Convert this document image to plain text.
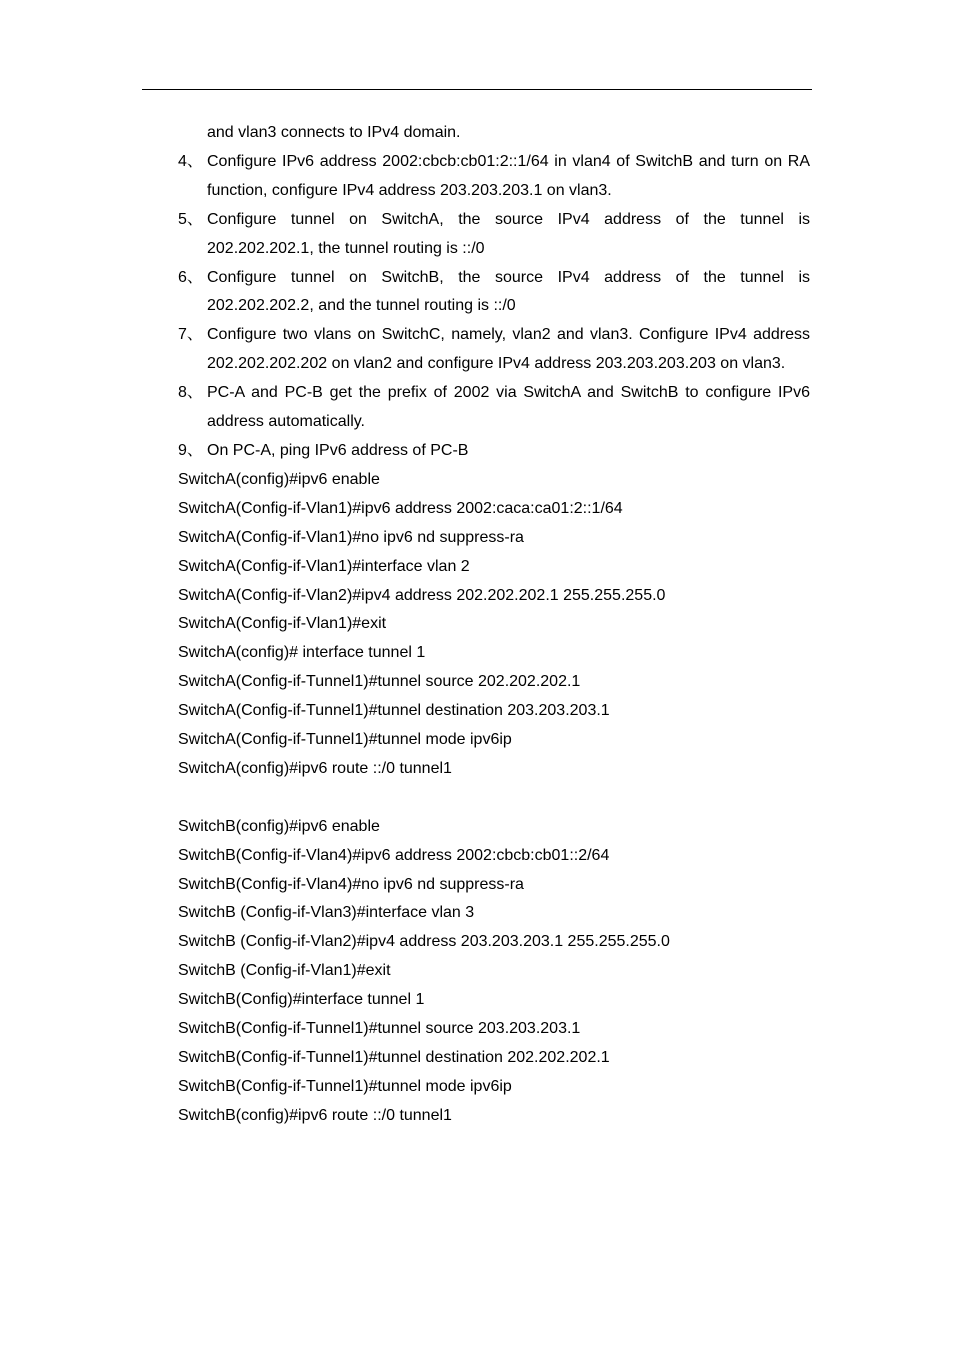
and vlan3 connects to IPv4 domain.

4、 Configure IPv6 address 2002:cbcb:cb01:2::1/64 in vlan4 of SwitchB and turn on RA function, configure IPv4 address 203.203.203.1 on vlan3.
5、 Configure tunnel on SwitchA, the source IPv4 address of the tunnel is 202.202.202.1, the tunnel routing is ::/0
6、 Configure tunnel on SwitchB, the source IPv4 address of the tunnel is 202.202.202.2, and the tunnel routing is ::/0
7、 Configure two vlans on SwitchC, namely, vlan2 and vlan3. Configure IPv4 address 202.202.202.202 on vlan2 and configure IPv4 address 203.203.203.203 on vlan3.
8、 PC-A and PC-B get the prefix of 2002 via SwitchA and SwitchB to configure IPv6 address automatically.
9、 On PC-A, ping IPv6 address of PC-B

SwitchA(config)#ipv6 enable

SwitchA(Config-if-Vlan1)#ipv6 address 2002:caca:ca01:2::1/64

SwitchA(Config-if-Vlan1)#no ipv6 nd suppress-ra

SwitchA(Config-if-Vlan1)#interface vlan 2

SwitchA(Config-if-Vlan2)#ipv4 address 202.202.202.1 255.255.255.0

SwitchA(Config-if-Vlan1)#exit

SwitchA(config)# interface tunnel 1

SwitchA(Config-if-Tunnel1)#tunnel source 202.202.202.1

SwitchA(Config-if-Tunnel1)#tunnel destination 203.203.203.1

SwitchA(Config-if-Tunnel1)#tunnel mode ipv6ip

SwitchA(config)#ipv6 route ::/0 tunnel1

SwitchB(config)#ipv6 enable

SwitchB(Config-if-Vlan4)#ipv6 address 2002:cbcb:cb01::2/64

SwitchB(Config-if-Vlan4)#no ipv6 nd suppress-ra

SwitchB (Config-if-Vlan3)#interface vlan 3

SwitchB (Config-if-Vlan2)#ipv4 address 203.203.203.1 255.255.255.0

SwitchB (Config-if-Vlan1)#exit

SwitchB(Config)#interface tunnel 1

SwitchB(Config-if-Tunnel1)#tunnel source 203.203.203.1

SwitchB(Config-if-Tunnel1)#tunnel destination 202.202.202.1

SwitchB(Config-if-Tunnel1)#tunnel mode ipv6ip

SwitchB(config)#ipv6 route ::/0 tunnel1
